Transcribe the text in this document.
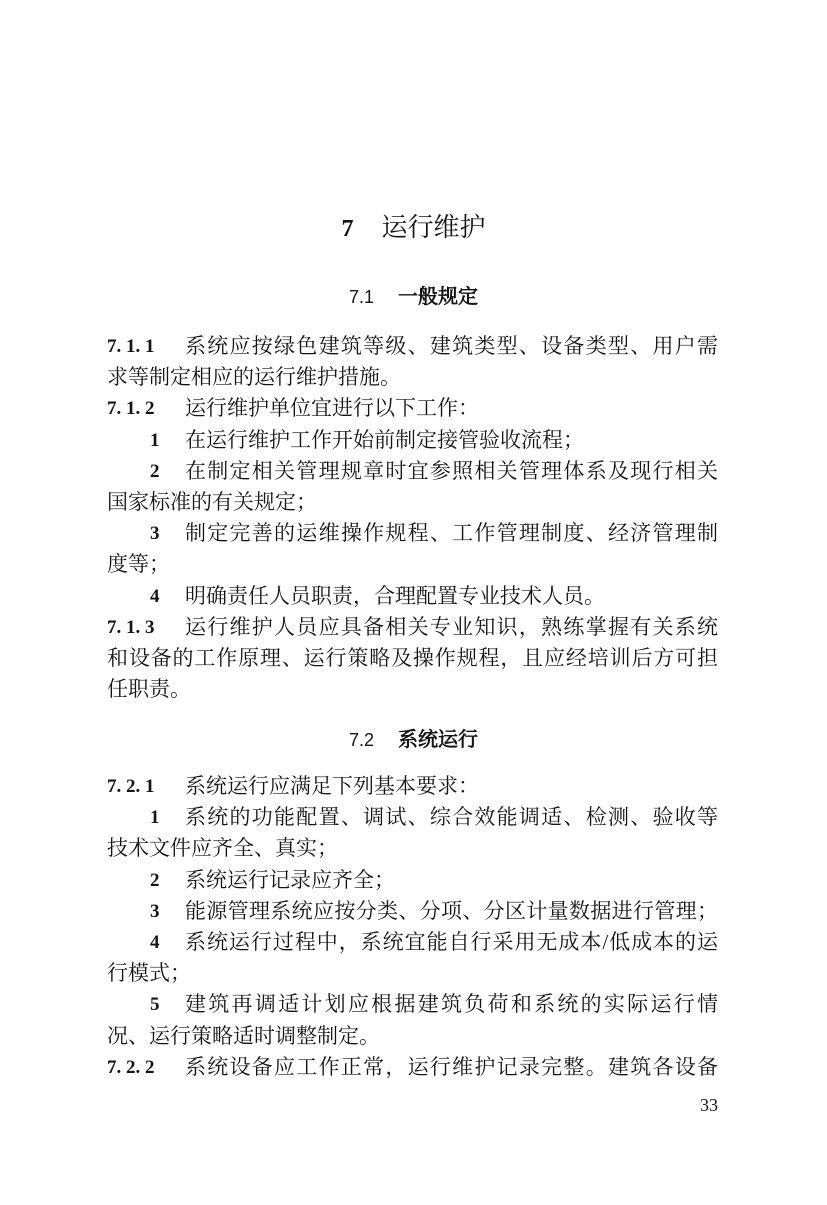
7 运行维护
7.1 一般规定
7. 1. 1	系统应按绿色建筑等级、建筑类型、设备类型、用户需
求等制定相应的运行维护措施。
7. 1. 2	运行维护单位宜进行以下工作：
1	在运行维护工作开始前制定接管验收流程；
2	在制定相关管理规章时宜参照相关管理体系及现行相关
国家标准的有关规定；
3	制定完善的运维操作规程、工作管理制度、经济管理制
度等；
4	明确责任人员职责，合理配置专业技术人员。
7. 1. 3	运行维护人员应具备相关专业知识，熟练掌握有关系统
和设备的工作原理、运行策略及操作规程，且应经培训后方可担
任职责。
7.2 系统运行
7. 2. 1	系统运行应满足下列基本要求：
1	系统的功能配置、调试、综合效能调适、检测、验收等
技术文件应齐全、真实；
2	系统运行记录应齐全；
3	能源管理系统应按分类、分项、分区计量数据进行管理；
4	系统运行过程中，系统宜能自行采用无成本/低成本的运
行模式；
5	建筑再调适计划应根据建筑负荷和系统的实际运行情
况、运行策略适时调整制定。
7. 2. 2	系统设备应工作正常，运行维护记录完整。建筑各设备
33
